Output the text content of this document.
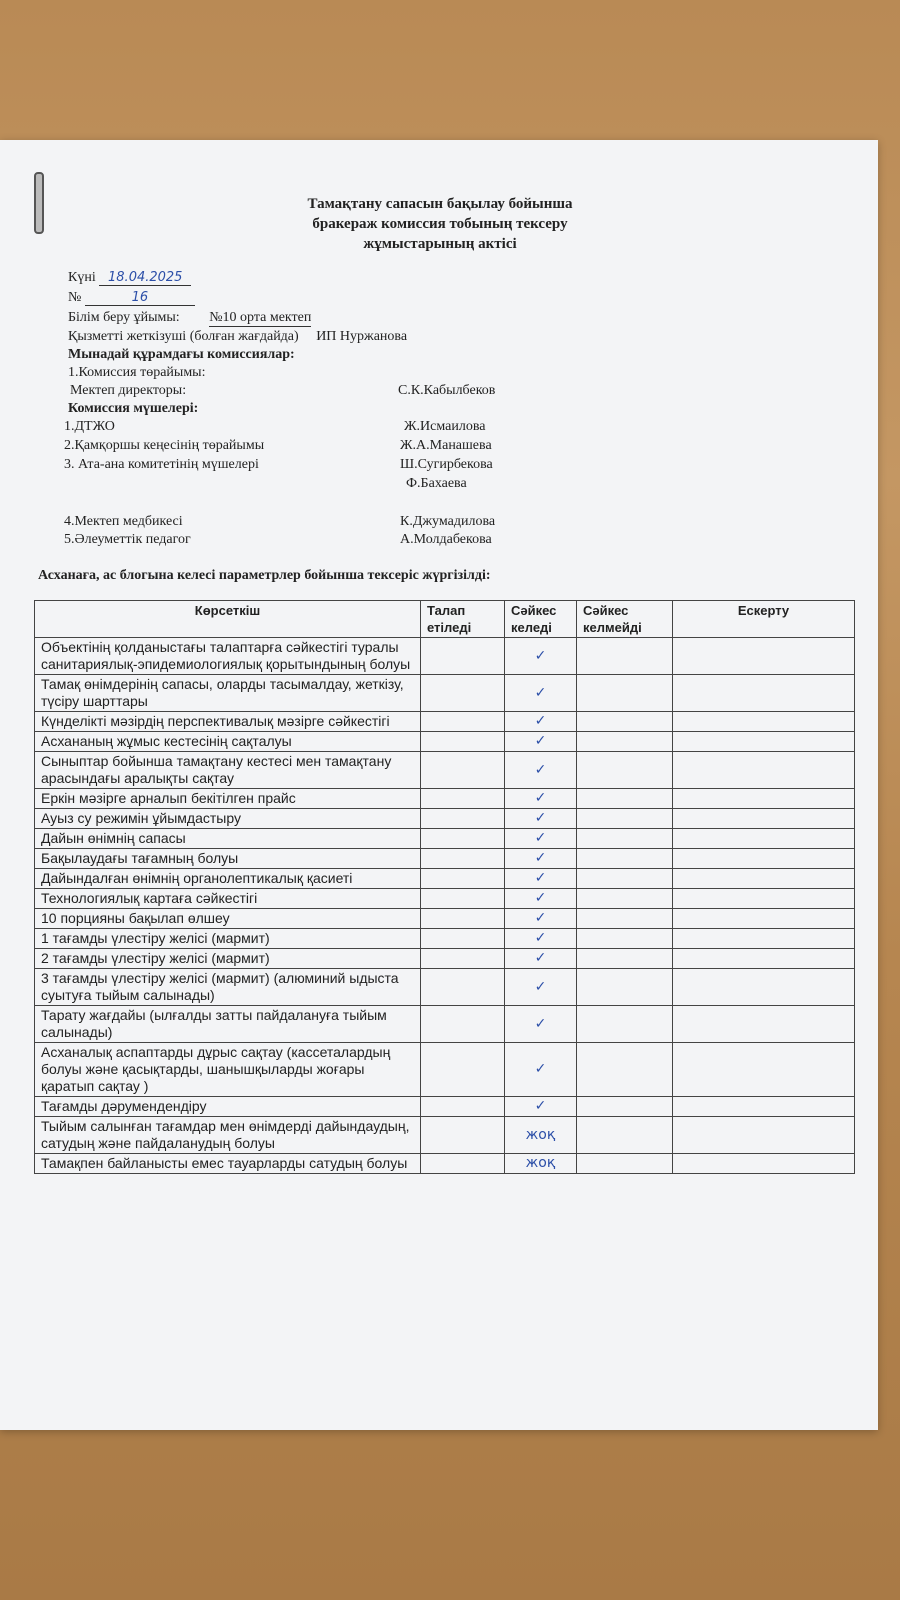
Тамақтану сапасын бақылау бойынша
бракераж комиссия тобының тексеру
жұмыстарының актісі
Күні 18.04.2025
№	16
Білім беру ұйымы: №10 орта мектеп
Қызметті жеткізуші (болған жағдайда) ИП Нуржанова
Мынадай құрамдағы комиссиялар:
1.Комиссия төрайымы:
Мектеп директоры:	С.К.Кабылбеков
Комиссия мүшелері:
1.ДТЖО	Ж.Исмаилова
2.Қамқоршы кеңесінің төрайымы	Ж.А.Манашева
3. Ата-ана комитетінің мүшелері	Ш.Сугирбекова
Ф.Бахаева
4.Мектеп медбикесі	К.Джумадилова
5.Әлеуметтік педагог	А.Молдабекова
Асханаға, ас блогына келесі параметрлер бойынша тексеріс жүргізілді:
Көрсеткіш	Талап етіледі	Сәйкес келеді	Сәйкес келмейді	Ескерту
Объектінің қолданыстағы талаптарға сәйкестігі туралы санитариялық-эпидемиологиялық қорытындының болуы		✓		
Тамақ өнімдерінің сапасы, оларды тасымалдау, жеткізу, түсіру шарттары		✓		
Күнделікті мәзірдің перспективалық мәзірге сәйкестігі		✓		
Асхананың жұмыс кестесінің сақталуы		✓		
Сыныптар бойынша тамақтану кестесі мен тамақтану арасындағы аралықты сақтау		✓		
Еркін мәзірге арналып бекітілген прайс		✓		
Ауыз су режимін ұйымдастыру		✓		
Дайын өнімнің сапасы		✓		
Бақылаудағы тағамның болуы		✓		
Дайындалған өнімнің органолептикалық қасиеті		✓		
Технологиялық картаға сәйкестігі		✓		
10 порцияны бақылап өлшеу		✓		
1 тағамды үлестіру желісі (мармит)		✓		
2 тағамды үлестіру желісі (мармит)		✓		
3 тағамды үлестіру желісі (мармит) (алюминий ыдыста суытуға тыйым салынады)		✓		
Тарату жағдайы (ылғалды затты пайдалануға тыйым салынады)		✓		
Асханалық аспаптарды дұрыс сақтау (кассеталардың болуы және қасықтарды, шанышқыларды жоғары қаратып сақтау )		✓		
Тағамды дәрумендендіру		✓		
Тыйым салынған тағамдар мен өнімдерді дайындаудың, сатудың және пайдаланудың болуы		жоқ		
Тамақпен байланысты емес тауарларды сатудың болуы		жоқ		
